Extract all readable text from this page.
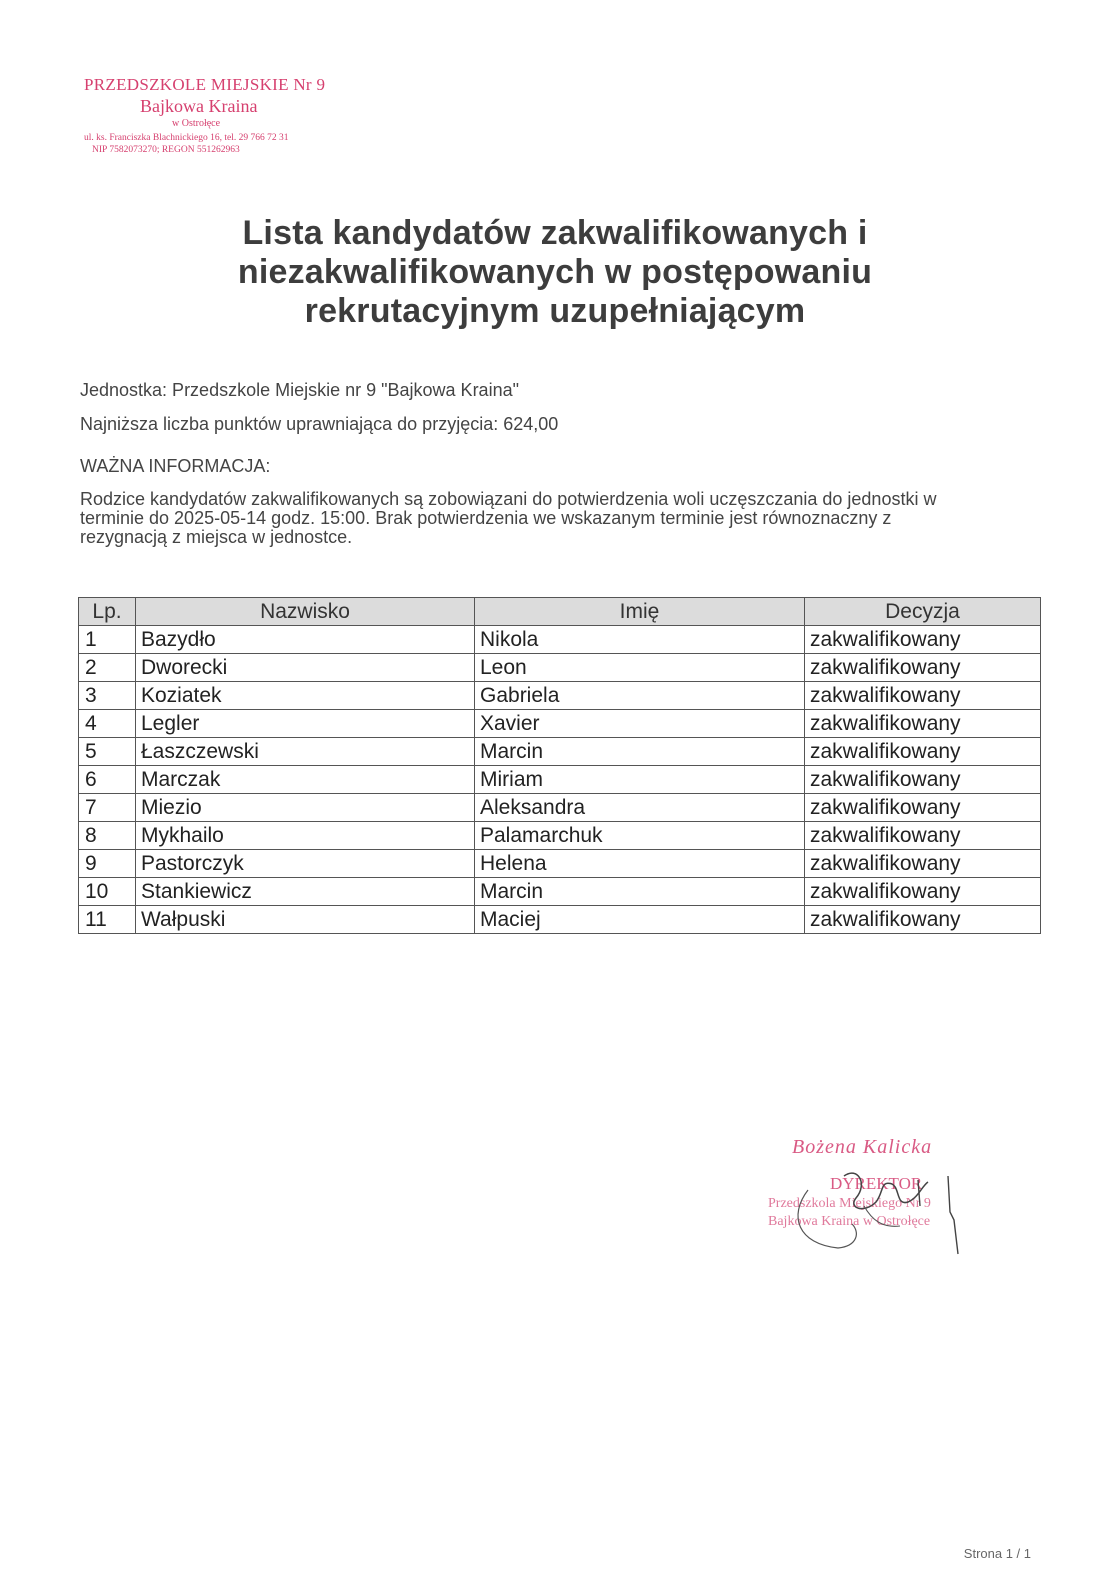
PRZEDSZKOLE MIEJSKIE Nr 9
Bajkowa Kraina
w Ostrołęce
ul. ks. Franciszka Blachnickiego 16, tel. 29 766 72 31
NIP 7582073270; REGON 551262963
Lista kandydatów zakwalifikowanych i niezakwalifikowanych w postępowaniu rekrutacyjnym uzupełniającym
Jednostka: Przedszkole Miejskie nr 9 "Bajkowa Kraina"
Najniższa liczba punktów uprawniająca do przyjęcia: 624,00
WAŻNA INFORMACJA:
Rodzice kandydatów zakwalifikowanych są zobowiązani do potwierdzenia woli uczęszczania do jednostki w terminie do 2025-05-14 godz. 15:00. Brak potwierdzenia we wskazanym terminie jest równoznaczny z rezygnacją z miejsca w jednostce.
Lp.	Nazwisko	Imię	Decyzja
1	Bazydło	Nikola	zakwalifikowany
2	Dworecki	Leon	zakwalifikowany
3	Koziatek	Gabriela	zakwalifikowany
4	Legler	Xavier	zakwalifikowany
5	Łaszczewski	Marcin	zakwalifikowany
6	Marczak	Miriam	zakwalifikowany
7	Miezio	Aleksandra	zakwalifikowany
8	Mykhailo	Palamarchuk	zakwalifikowany
9	Pastorczyk	Helena	zakwalifikowany
10	Stankiewicz	Marcin	zakwalifikowany
11	Wałpuski	Maciej	zakwalifikowany
Bożena Kalicka
DYREKTOR
Przedszkola Miejskiego Nr 9
Bajkowa Kraina w Ostrołęce
Strona 1 / 1
